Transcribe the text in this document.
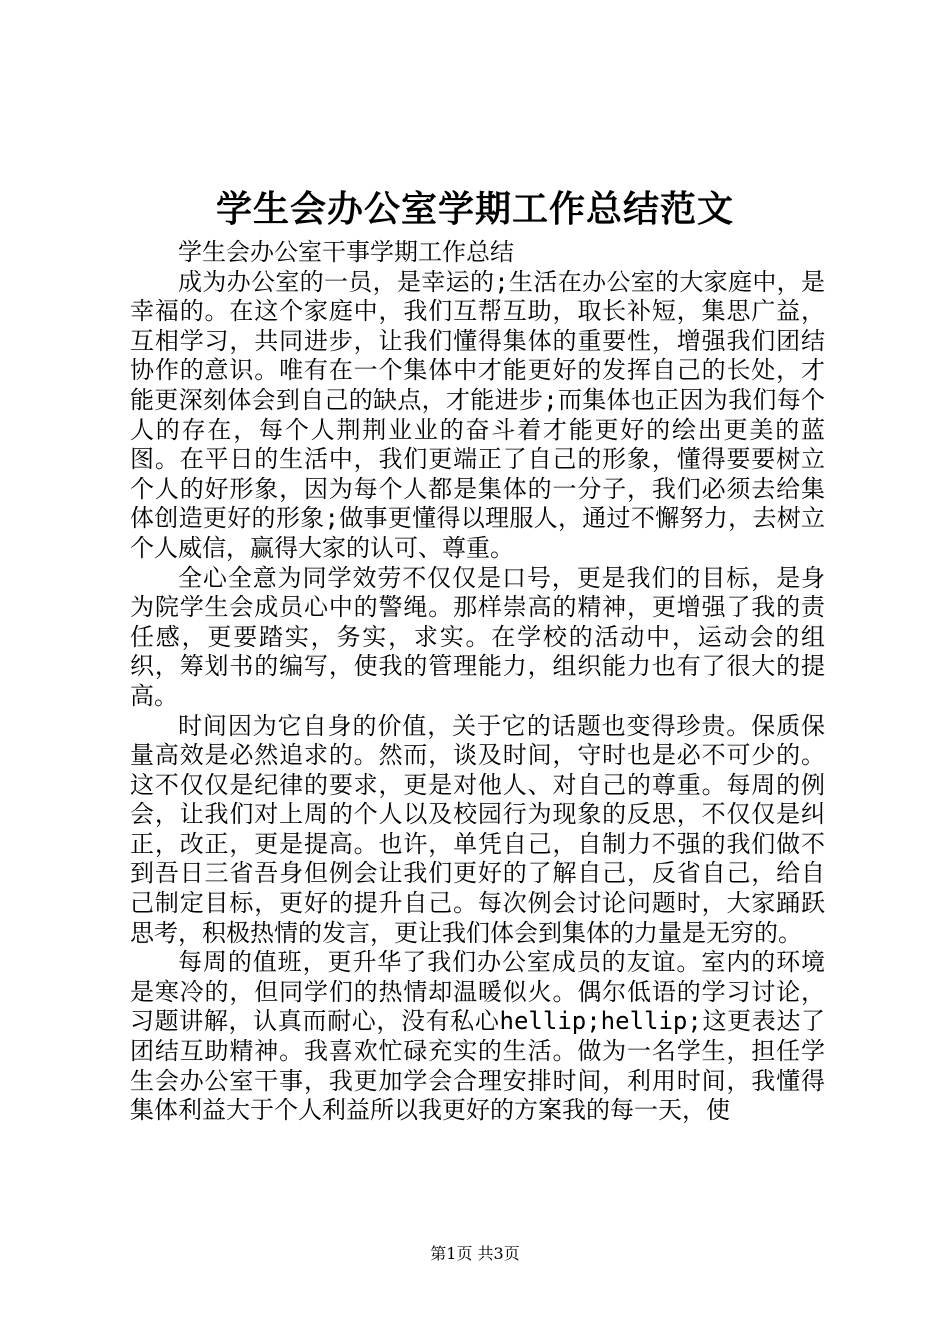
学生会办公室学期工作总结范文

学生会办公室干事学期工作总结

成为办公室的一员，是幸运的;生活在办公室的大家庭中，是幸福的。在这个家庭中，我们互帮互助，取长补短，集思广益，互相学习，共同进步，让我们懂得集体的重要性，增强我们团结协作的意识。唯有在一个集体中才能更好的发挥自己的长处，才能更深刻体会到自己的缺点，才能进步;而集体也正因为我们每个人的存在，每个人荆荆业业的奋斗着才能更好的绘出更美的蓝图。在平日的生活中，我们更端正了自己的形象，懂得要要树立个人的好形象，因为每个人都是集体的一分子，我们必须去给集体创造更好的形象;做事更懂得以理服人，通过不懈努力，去树立个人威信，赢得大家的认可、尊重。

全心全意为同学效劳不仅仅是口号，更是我们的目标，是身为院学生会成员心中的警绳。那样崇高的精神，更增强了我的责任感，更要踏实，务实，求实。在学校的活动中，运动会的组织，筹划书的编写，使我的管理能力，组织能力也有了很大的提高。

时间因为它自身的价值，关于它的话题也变得珍贵。保质保量高效是必然追求的。然而，谈及时间，守时也是必不可少的。这不仅仅是纪律的要求，更是对他人、对自己的尊重。每周的例会，让我们对上周的个人以及校园行为现象的反思，不仅仅是纠正，改正，更是提高。也许，单凭自己，自制力不强的我们做不到吾日三省吾身但例会让我们更好的了解自己，反省自己，给自己制定目标，更好的提升自己。每次例会讨论问题时，大家踊跃思考，积极热情的发言，更让我们体会到集体的力量是无穷的。

每周的值班，更升华了我们办公室成员的友谊。室内的环境是寒冷的，但同学们的热情却温暖似火。偶尔低语的学习讨论，习题讲解，认真而耐心，没有私心hellip;hellip;这更表达了团结互助精神。我喜欢忙碌充实的生活。做为一名学生，担任学生会办公室干事，我更加学会合理安排时间，利用时间，我懂得集体利益大于个人利益所以我更好的方案我的每一天，使

第1页 共3页
